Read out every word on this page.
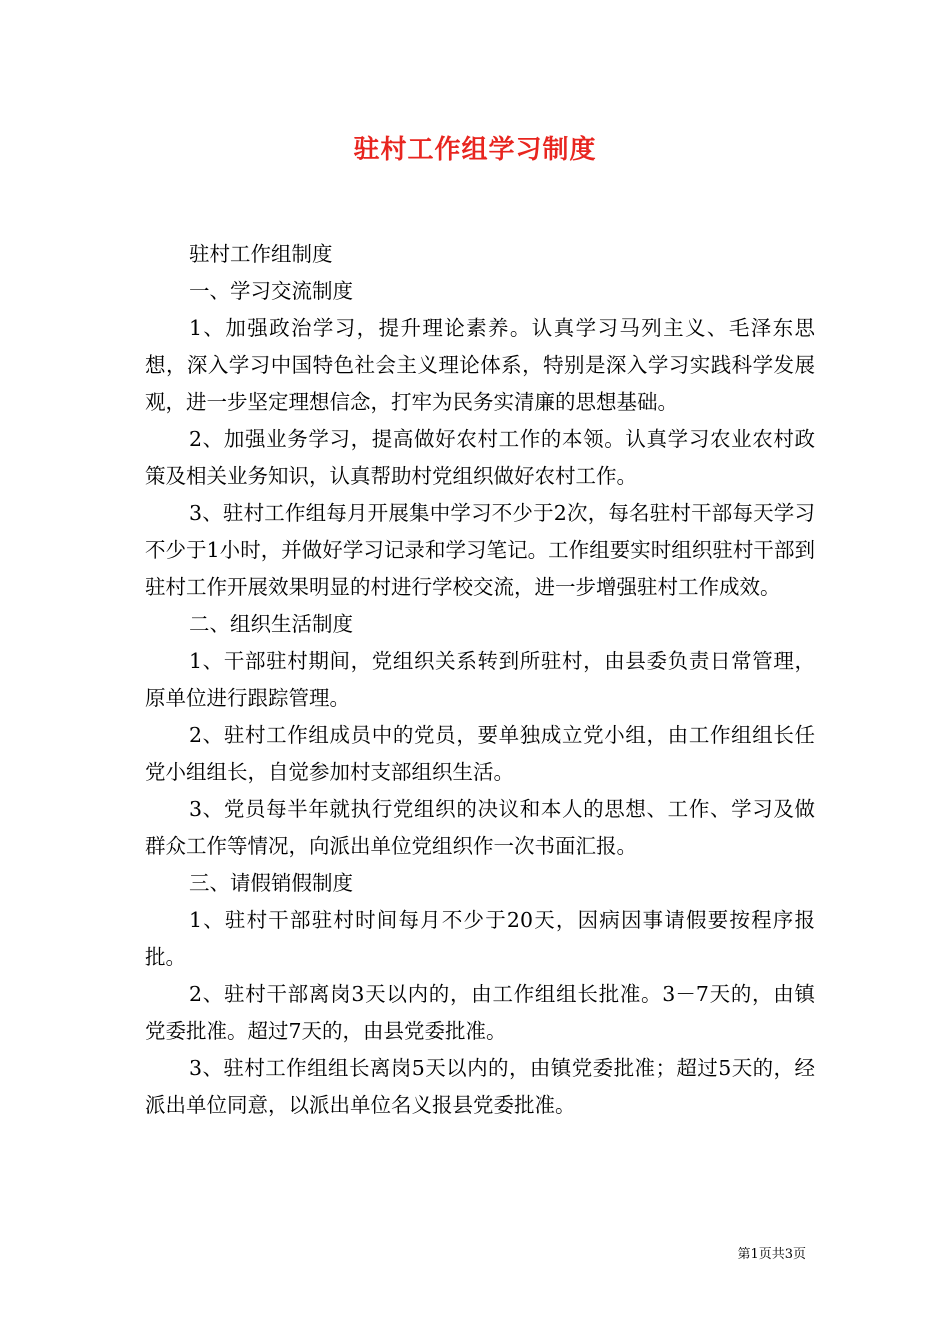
驻村工作组学习制度

驻村工作组制度

一、学习交流制度

1、加强政治学习，提升理论素养。认真学习马列主义、毛泽东思想，深入学习中国特色社会主义理论体系，特别是深入学习实践科学发展观，进一步坚定理想信念，打牢为民务实清廉的思想基础。

2、加强业务学习，提高做好农村工作的本领。认真学习农业农村政策及相关业务知识，认真帮助村党组织做好农村工作。

3、驻村工作组每月开展集中学习不少于2次，每名驻村干部每天学习不少于1小时，并做好学习记录和学习笔记。工作组要实时组织驻村干部到驻村工作开展效果明显的村进行学校交流，进一步增强驻村工作成效。

二、组织生活制度

1、干部驻村期间，党组织关系转到所驻村，由县委负责日常管理，原单位进行跟踪管理。

2、驻村工作组成员中的党员，要单独成立党小组，由工作组组长任党小组组长，自觉参加村支部组织生活。

3、党员每半年就执行党组织的决议和本人的思想、工作、学习及做群众工作等情况，向派出单位党组织作一次书面汇报。

三、请假销假制度

1、驻村干部驻村时间每月不少于20天，因病因事请假要按程序报批。

2、驻村干部离岗3天以内的，由工作组组长批准。3－7天的，由镇党委批准。超过7天的，由县党委批准。

3、驻村工作组组长离岗5天以内的，由镇党委批准；超过5天的，经派出单位同意，以派出单位名义报县党委批准。

第1页共3页
